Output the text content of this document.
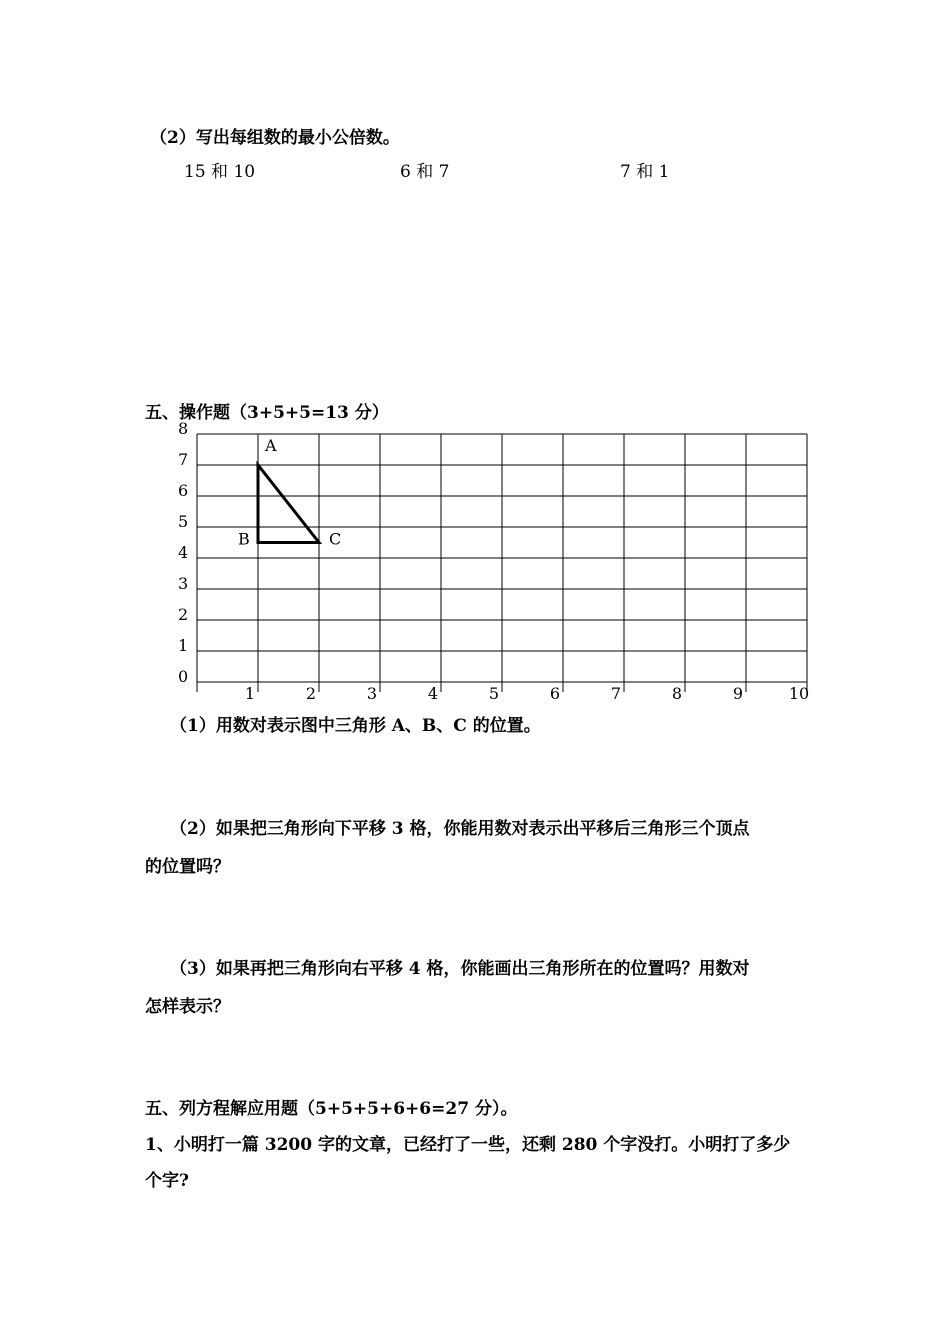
（2）写出每组数的最小公倍数。
15 和 10	6 和 7	7 和 1
五、操作题（3+5+5=13 分）
1	2	3	4	5	6	7	8	9	10
0
1
2
3
4
5
6
7
8
A
B	C
（1）用数对表示图中三角形 A、B、C 的位置。
（2）如果把三角形向下平移 3 格，你能用数对表示出平移后三角形三个顶点
的位置吗？
（3）如果再把三角形向右平移 4 格，你能画出三角形所在的位置吗？用数对
怎样表示？
五、列方程解应用题（5+5+5+6+6=27 分）。
1、小明打一篇 3200 字的文章，已经打了一些，还剩 280 个字没打。小明打了多少
个字?
